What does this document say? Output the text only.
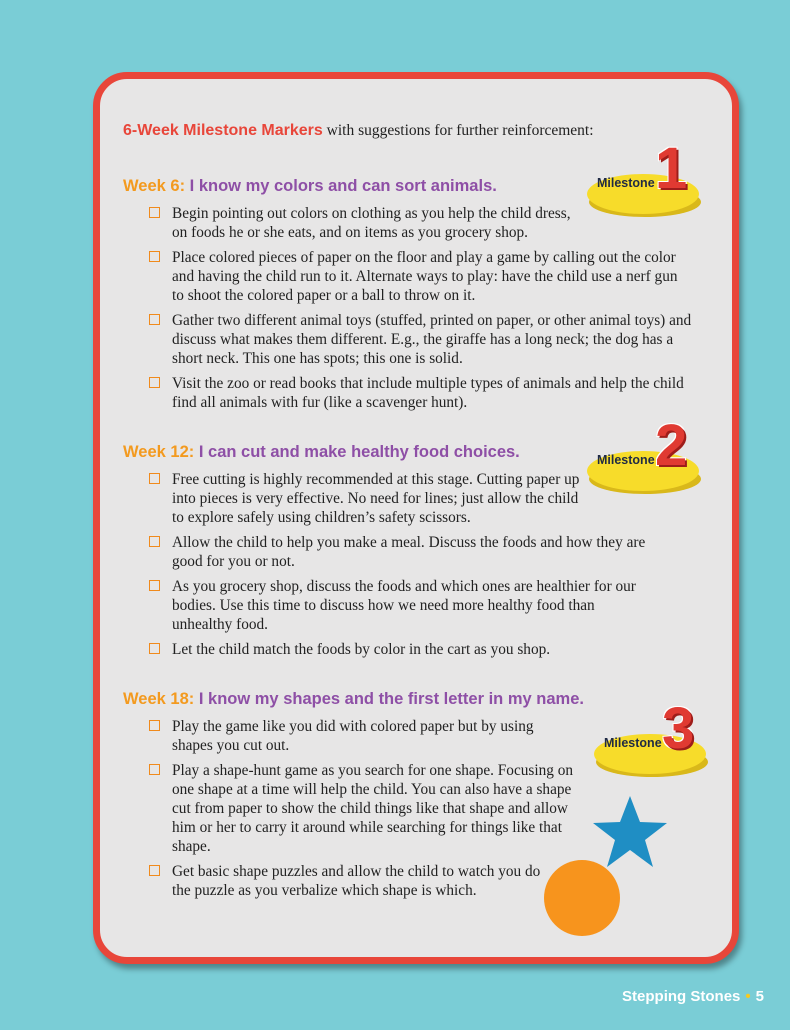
6-Week Milestone Markers with suggestions for further reinforcement:
Week 6: I know my colors and can sort animals.
Begin pointing out colors on clothing as you help the child dress, on foods he or she eats, and on items as you grocery shop.
Place colored pieces of paper on the floor and play a game by calling out the color and having the child run to it. Alternate ways to play: have the child use a nerf gun to shoot the colored paper or a ball to throw on it.
Gather two different animal toys (stuffed, printed on paper, or other animal toys) and discuss what makes them different. E.g., the giraffe has a long neck; the dog has a short neck. This one has spots; this one is solid.
Visit the zoo or read books that include multiple types of animals and help the child find all animals with fur (like a scavenger hunt).
Milestone 1
Week 12: I can cut and make healthy food choices.
Free cutting is highly recommended at this stage. Cutting paper up into pieces is very effective. No need for lines; just allow the child to explore safely using children’s safety scissors.
Allow the child to help you make a meal. Discuss the foods and how they are good for you or not.
As you grocery shop, discuss the foods and which ones are healthier for our bodies. Use this time to discuss how we need more healthy food than unhealthy food.
Let the child match the foods by color in the cart as you shop.
Milestone 2
Week 18: I know my shapes and the first letter in my name.
Play the game like you did with colored paper but by using shapes you cut out.
Play a shape-hunt game as you search for one shape. Focusing on one shape at a time will help the child. You can also have a shape cut from paper to show the child things like that shape and allow him or her to carry it around while searching for things like that shape.
Get basic shape puzzles and allow the child to watch you do the puzzle as you verbalize which shape is which.
Milestone 3
Stepping Stones • 5
